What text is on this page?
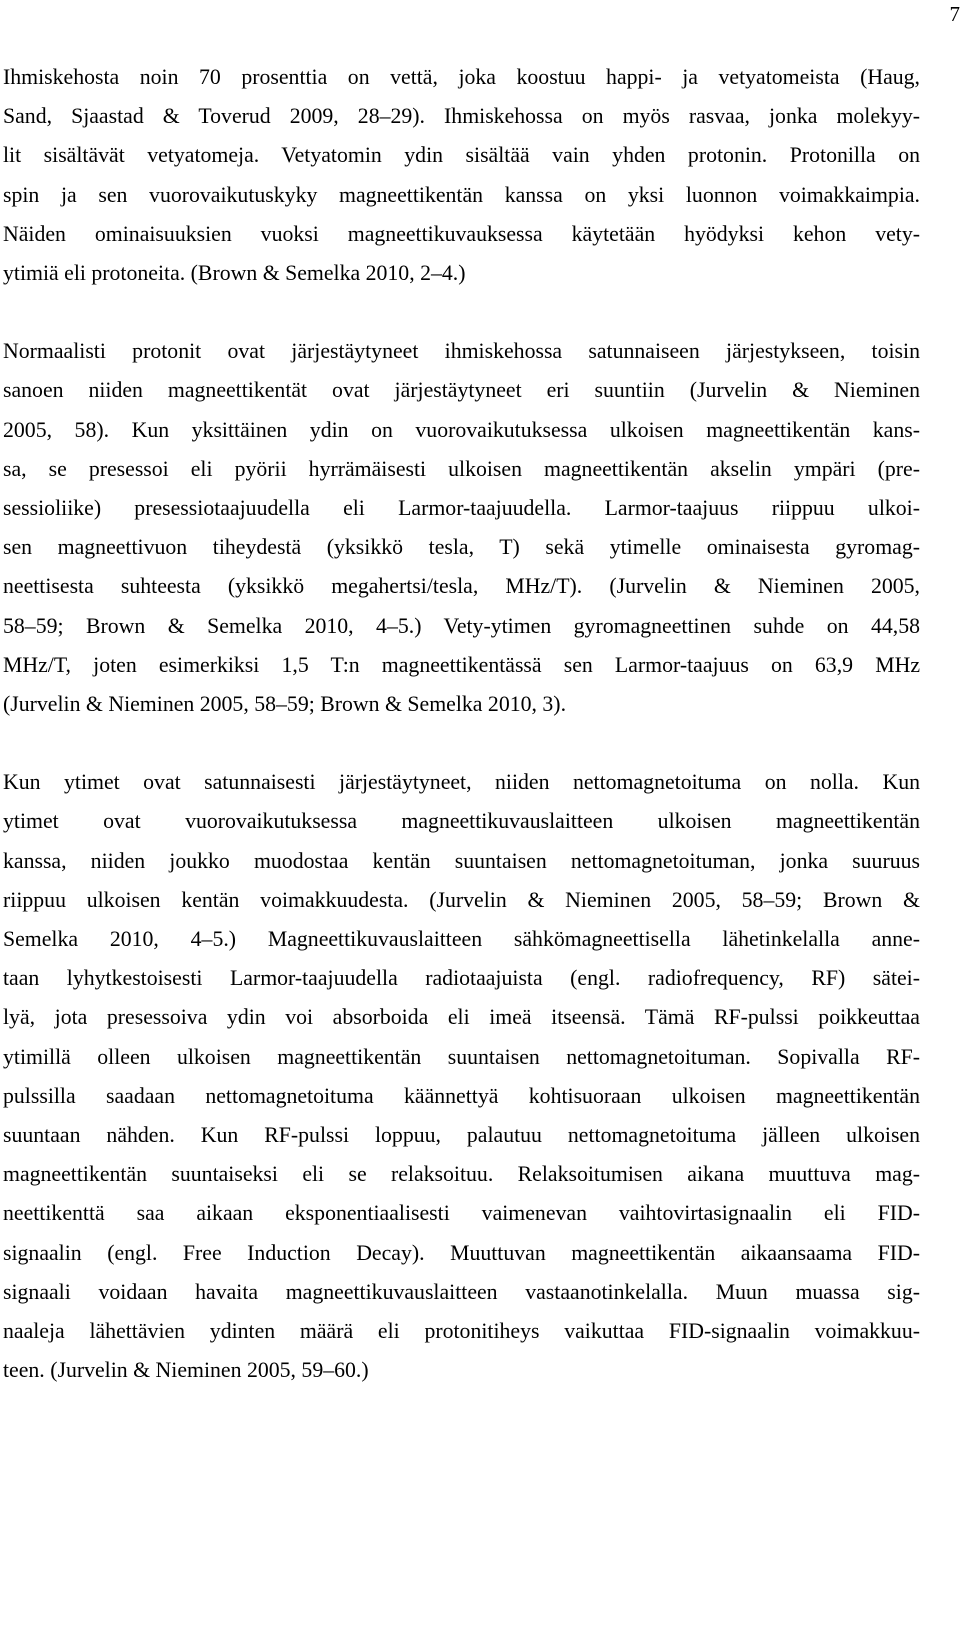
7

Ihmiskehosta noin 70 prosenttia on vettä, joka koostuu happi- ja vetyatomeista (Haug,
Sand, Sjaastad & Toverud 2009, 28–29). Ihmiskehossa on myös rasvaa, jonka molekyy-
lit sisältävät vetyatomeja. Vetyatomin ydin sisältää vain yhden protonin. Protonilla on
spin ja sen vuorovaikutuskyky magneettikentän kanssa on yksi luonnon voimakkaimpia.
Näiden ominaisuuksien vuoksi magneettikuvauksessa käytetään hyödyksi kehon vety-
ytimiä eli protoneita. (Brown & Semelka 2010, 2–4.)

Normaalisti protonit ovat järjestäytyneet ihmiskehossa satunnaiseen järjestykseen, toisin
sanoen niiden magneettikentät ovat järjestäytyneet eri suuntiin (Jurvelin & Nieminen
2005, 58). Kun yksittäinen ydin on vuorovaikutuksessa ulkoisen magneettikentän kans-
sa, se presessoi eli pyörii hyrrämäisesti ulkoisen magneettikentän akselin ympäri (pre-
sessioliike) presessiotaajuudella eli Larmor-taajuudella. Larmor-taajuus riippuu ulkoi-
sen magneettivuon tiheydestä (yksikkö tesla, T) sekä ytimelle ominaisesta gyromag-
neettisesta suhteesta (yksikkö megahertsi/tesla, MHz/T). (Jurvelin & Nieminen 2005,
58–59; Brown & Semelka 2010, 4–5.) Vety-ytimen gyromagneettinen suhde on 44,58
MHz/T, joten esimerkiksi 1,5 T:n magneettikentässä sen Larmor-taajuus on 63,9 MHz
(Jurvelin & Nieminen 2005, 58–59; Brown & Semelka 2010, 3).

Kun ytimet ovat satunnaisesti järjestäytyneet, niiden nettomagnetoituma on nolla. Kun
ytimet ovat vuorovaikutuksessa magneettikuvauslaitteen ulkoisen magneettikentän
kanssa, niiden joukko muodostaa kentän suuntaisen nettomagnetoituman, jonka suuruus
riippuu ulkoisen kentän voimakkuudesta. (Jurvelin & Nieminen 2005, 58–59; Brown &
Semelka 2010, 4–5.) Magneettikuvauslaitteen sähkömagneettisella lähetinkelalla anne-
taan lyhytkestoisesti Larmor-taajuudella radiotaajuista (engl. radiofrequency, RF) sätei-
lyä, jota presessoiva ydin voi absorboida eli imeä itseensä. Tämä RF-pulssi poikkeuttaa
ytimillä olleen ulkoisen magneettikentän suuntaisen nettomagnetoituman. Sopivalla RF-
pulssilla saadaan nettomagnetoituma käännettyä kohtisuoraan ulkoisen magneettikentän
suuntaan nähden. Kun RF-pulssi loppuu, palautuu nettomagnetoituma jälleen ulkoisen
magneettikentän suuntaiseksi eli se relaksoituu. Relaksoitumisen aikana muuttuva mag-
neettikenttä saa aikaan eksponentiaalisesti vaimenevan vaihtovirtasignaalin eli FID-
signaalin (engl. Free Induction Decay). Muuttuvan magneettikentän aikaansaama FID-
signaali voidaan havaita magneettikuvauslaitteen vastaanotinkelalla. Muun muassa sig-
naaleja lähettävien ydinten määrä eli protonitiheys vaikuttaa FID-signaalin voimakkuu-
teen. (Jurvelin & Nieminen 2005, 59–60.)
